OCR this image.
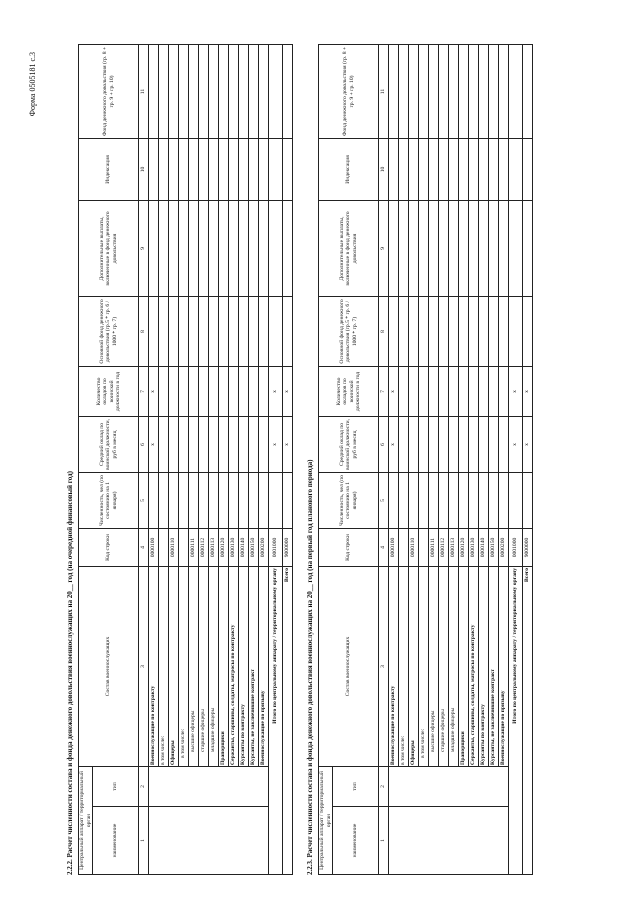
Форма 0505181 с.3
2.2.2. Расчет численности состава и фонда денежного довольствия военнослужащих на 20__ год (на очередной финансовый год) Центральный аппарат / территориальный орган		Состав военнослужащих	Код строки	Численность, чел (по состоянию на 1 января)	Средний оклад по воинской должности, руб в месяц	Количество окладов по воинской должности в год	Основной фонд денежного довольствия (гр.5 * гр. 6 / 1000 * гр. 7)	Дополнительные выплаты, включенные в фонд денежного довольствия	Индексация	Фонд денежного довольствия (гр. 8 + гр. 9 + гр. 10)
наименование	тип									
1	2	3	4	5	6	7	8	9	10	11
		Военнослужащие по контракту	0000100		x	x				
		в том числе:								
		Офицеры	0000110							
		в том числе:								
		высшие офицеры	0000111							
		старшие офицеры	0000112							
		младшие офицеры	0000113							
		Прапорщики	0000120							
		Сержанты, старшины, солдаты, матросы по контракту	0000130							
		Курсанты по контракту	0000140							
		Курсанты, не заключившие контракт	0000150							
		Военнослужащие по призыву	0000200							
Итого по центральному аппарату / территориальному органу			0001000		x	x				
Всего			9000000		x	x				
2.2.3. Расчет численности состава и фонда денежного довольствия военнослужащих на 20__ год (на первый год планового периода) Центральный аппарат / территориальный орган		Состав военнослужащих	Код строки	Численность, чел (по состоянию на 1 января)	Средний оклад по воинской должности, руб в месяц	Количество окладов по воинской должности в год	Основной фонд денежного довольствия (гр.5 * гр. 6 / 1000 * гр. 7)	Дополнительные выплаты, включенные в фонд денежного довольствия	Индексация	Фонд денежного довольствия (гр. 8 + гр. 9 + гр. 10)
наименование	тип									
1	2	3	4	5	6	7	8	9	10	11
		Военнослужащие по контракту	0000100		x	x				
		в том числе:								
		Офицеры	0000110							
		в том числе:								
		высшие офицеры	0000111							
		старшие офицеры	0000112							
		младшие офицеры	0000113							
		Прапорщики	0000120							
		Сержанты, старшины, солдаты, матросы по контракту	0000130							
		Курсанты по контракту	0000140							
		Курсанты, не заключившие контракт	0000150							
		Военнослужащие по призыву	0000200							
Итого по центральному аппарату / территориальному органу			0001000		x	x				
Всего			9000000		x	x				
